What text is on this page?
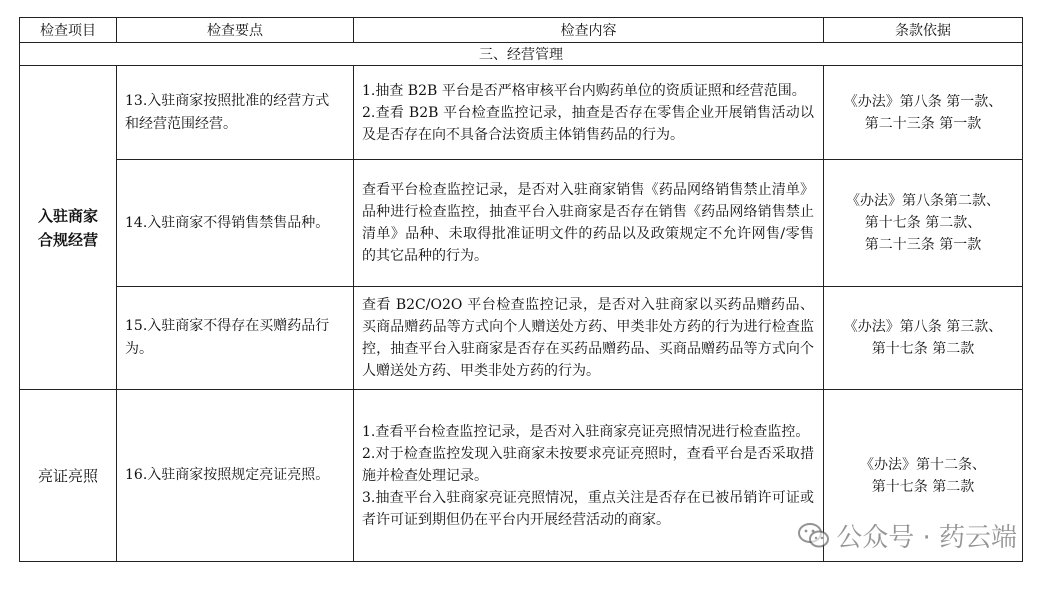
检查项目	检查要点	检查内容	条款依据
三、经营管理			
入驻商家合规经营	13.入驻商家按照批准的经营方式和经营范围经营。	1.抽查 B2B 平台是否严格审核平台内购药单位的资质证照和经营范围。
2.查看 B2B 平台检查监控记录，抽查是否存在零售企业开展销售活动以及是否存在向不具备合法资质主体销售药品的行为。	《办法》第八条 第一款、
第二十三条 第一款

	14.入驻商家不得销售禁售品种。	查看平台检查监控记录，是否对入驻商家销售《药品网络销售禁止清单》品种进行检查监控，抽查平台入驻商家是否存在销售《药品网络销售禁止清单》品种、未取得批准证明文件的药品以及政策规定不允许网售/零售的其它品种的行为。	《办法》第八条第二款、
第十七条 第二款、
第二十三条 第一款

	15.入驻商家不得存在买赠药品行为。	查看 B2C/O2O 平台检查监控记录，是否对入驻商家以买药品赠药品、买商品赠药品等方式向个人赠送处方药、甲类非处方药的行为进行检查监控，抽查平台入驻商家是否存在买药品赠药品、买商品赠药品等方式向个人赠送处方药、甲类非处方药的行为。	《办法》第八条 第三款、
第十七条 第二款

亮证亮照	16.入驻商家按照规定亮证亮照。	1.查看平台检查监控记录，是否对入驻商家亮证亮照情况进行检查监控。
2.对于检查监控发现入驻商家未按要求亮证亮照时，查看平台是否采取措施并检查处理记录。
3.抽查平台入驻商家亮证亮照情况，重点关注是否存在已被吊销许可证或者许可证到期但仍在平台内开展经营活动的商家。	《办法》第十二条、
第十七条 第二款
公众号 · 药云端
